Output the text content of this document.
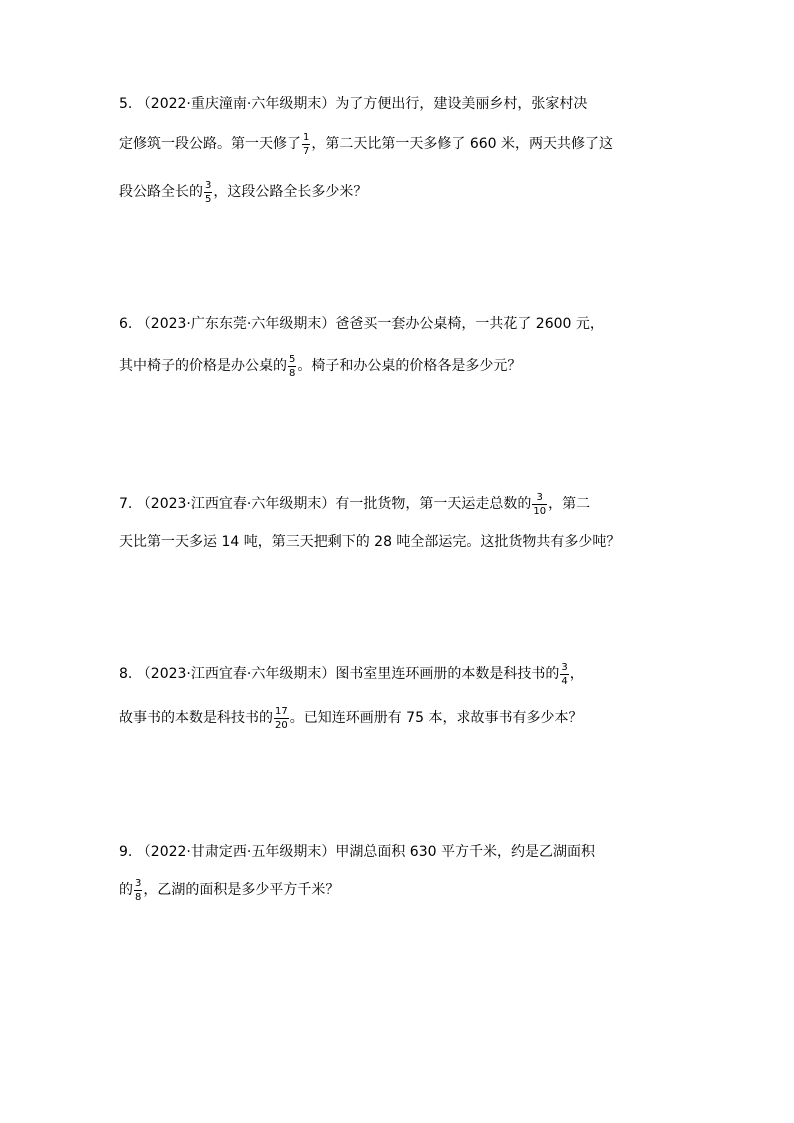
5. （2022·重庆潼南·六年级期末）为了方便出行，建设美丽乡村，张家村决
定修筑一段公路。第一天修了 $\frac{1}{7}$ ，第二天比第一天多修了 660 米，两天共修了这
段公路全长的 $\frac{3}{5}$ ，这段公路全长多少米？
6. （2023·广东东莞·六年级期末）爸爸买一套办公桌椅，一共花了 2600 元，
其中椅子的价格是办公桌的 $\frac{5}{8}$ 。椅子和办公桌的价格各是多少元？
7. （2023·江西宜春·六年级期末）有一批货物，第一天运走总数的 $\frac{3}{10}$ ，第二
天比第一天多运 14 吨，第三天把剩下的 28 吨全部运完。这批货物共有多少吨？
8. （2023·江西宜春·六年级期末）图书室里连环画册的本数是科技书的 $\frac{3}{4}$ ，
故事书的本数是科技书的 $\frac{17}{20}$ 。已知连环画册有 75 本，求故事书有多少本？
9. （2022·甘肃定西·五年级期末）甲湖总面积 630 平方千米，约是乙湖面积
的 $\frac{3}{8}$ ，乙湖的面积是多少平方千米？
